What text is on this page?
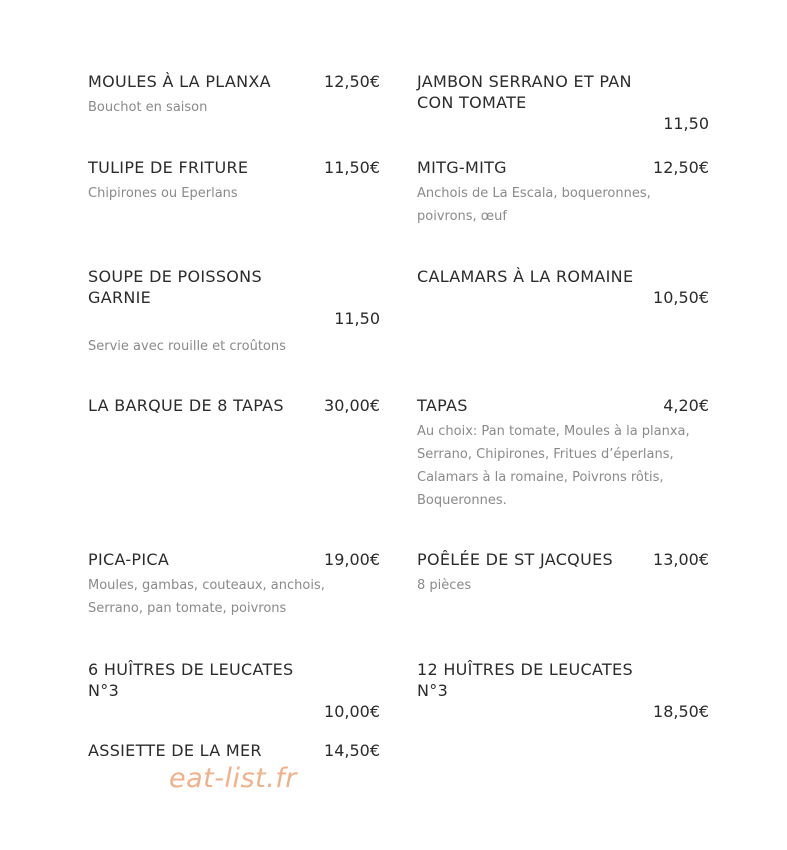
MOULES À LA PLANXA	12,50€
Bouchot en saison
TULIPE DE FRITURE	11,50€
Chipirones ou Eperlans
SOUPE DE POISSONS GARNIE
11,50
Servie avec rouille et croûtons
LA BARQUE DE 8 TAPAS	30,00€
PICA-PICA	19,00€
Moules, gambas, couteaux, anchois, Serrano, pan tomate, poivrons
6 HUÎTRES DE LEUCATES N°3
10,00€
ASSIETTE DE LA MER	14,50€
JAMBON SERRANO ET PAN CON TOMATE
11,50
MITG-MITG	12,50€
Anchois de La Escala, boqueronnes, poivrons, œuf
CALAMARS À LA ROMAINE
10,50€
TAPAS	4,20€
Au choix: Pan tomate, Moules à la planxa, Serrano, Chipirones, Fritues d’éperlans, Calamars à la romaine, Poivrons rôtis, Boqueronnes.
POÊLÉE DE ST JACQUES	13,00€
8 pièces
12 HUÎTRES DE LEUCATES N°3
18,50€
eat-list.fr
